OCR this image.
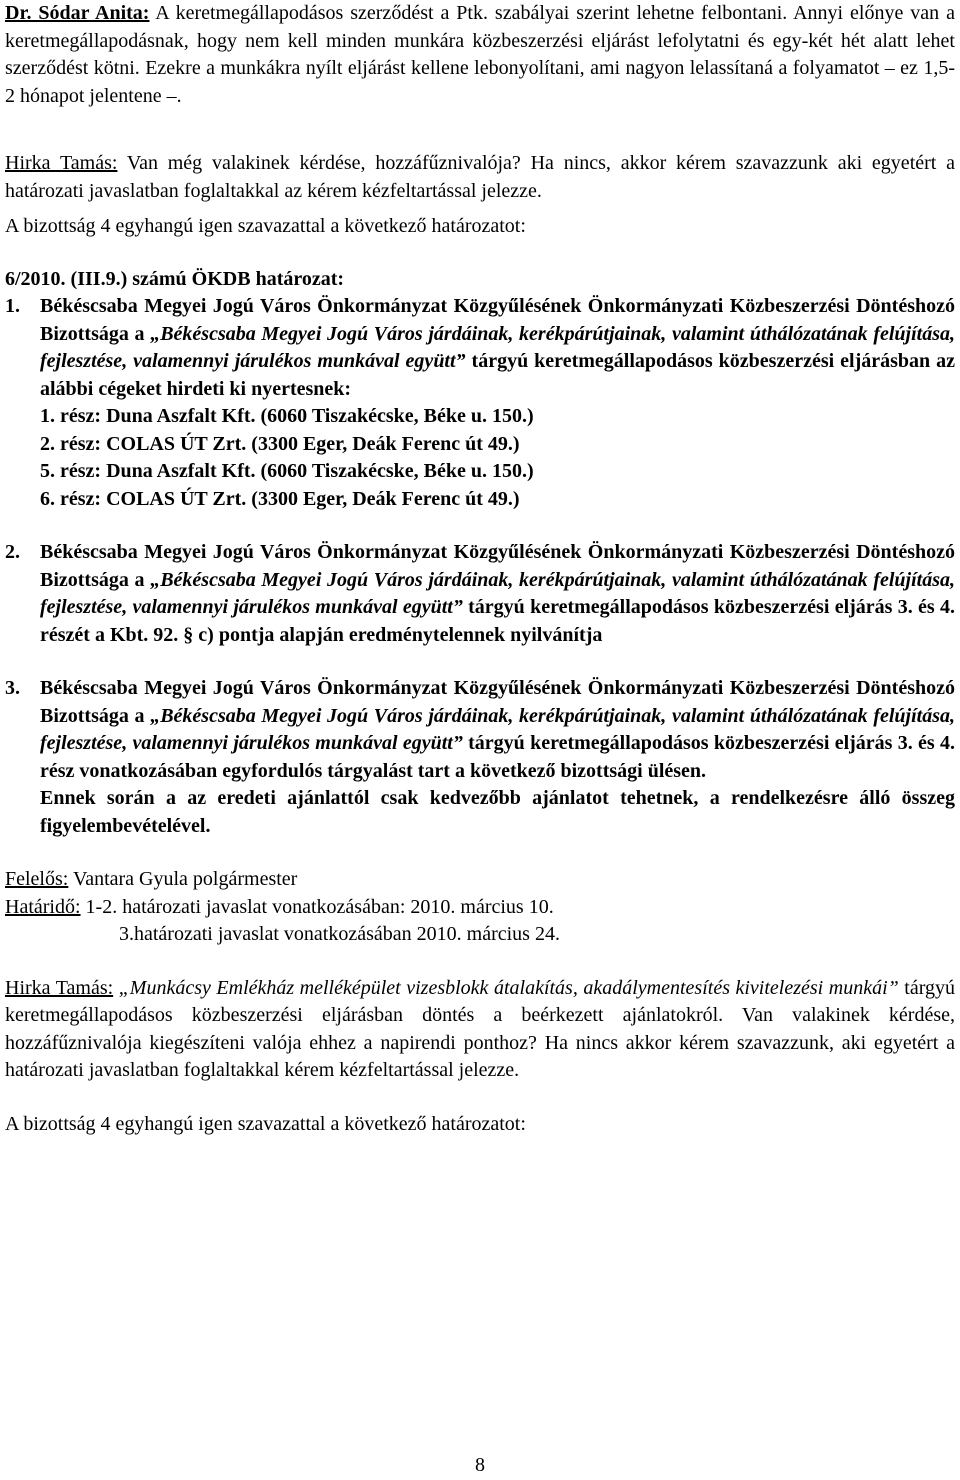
Dr. Sódar Anita: A keretmegállapodásos szerződést a Ptk. szabályai szerint lehetne felbontani. Annyi előnye van a keretmegállapodásnak, hogy nem kell minden munkára közbeszerzési eljárást lefolytatni és egy-két hét alatt lehet szerződést kötni. Ezekre a munkákra nyílt eljárást kellene lebonyolítani, ami nagyon lelassítaná a folyamatot – ez 1,5-2 hónapot jelentene –.

Hirka Tamás: Van még valakinek kérdése, hozzáfűznivalója? Ha nincs, akkor kérem szavazzunk aki egyetért a határozati javaslatban foglaltakkal az kérem kézfeltartással jelezze.

A bizottság 4 egyhangú igen szavazattal a következő határozatot:

6/2010. (III.9.) számú ÖKDB határozat:

1.	Békéscsaba Megyei Jogú Város Önkormányzat Közgyűlésének Önkormányzati Közbeszerzési Döntéshozó Bizottsága a „Békéscsaba Megyei Jogú Város járdáinak, kerékpárútjainak, valamint úthálózatának felújítása, fejlesztése, valamennyi járulékos munkával együtt” tárgyú keretmegállapodásos közbeszerzési eljárásban az alábbi cégeket hirdeti ki nyertesnek:

1. rész: Duna Aszfalt Kft. (6060 Tiszakécske, Béke u. 150.)

2. rész: COLAS ÚT Zrt. (3300 Eger, Deák Ferenc út 49.)

5. rész: Duna Aszfalt Kft. (6060 Tiszakécske, Béke u. 150.)

6. rész: COLAS ÚT Zrt. (3300 Eger, Deák Ferenc út 49.)

2.	Békéscsaba Megyei Jogú Város Önkormányzat Közgyűlésének Önkormányzati Közbeszerzési Döntéshozó Bizottsága a „Békéscsaba Megyei Jogú Város járdáinak, kerékpárútjainak, valamint úthálózatának felújítása, fejlesztése, valamennyi járulékos munkával együtt” tárgyú keretmegállapodásos közbeszerzési eljárás 3. és 4. részét a Kbt. 92. § c) pontja alapján eredménytelennek nyilvánítja

3.	Békéscsaba Megyei Jogú Város Önkormányzat Közgyűlésének Önkormányzati Közbeszerzési Döntéshozó Bizottsága a „Békéscsaba Megyei Jogú Város járdáinak, kerékpárútjainak, valamint úthálózatának felújítása, fejlesztése, valamennyi járulékos munkával együtt” tárgyú keretmegállapodásos közbeszerzési eljárás 3. és 4. rész vonatkozásában egyfordulós tárgyalást tart a következő bizottsági ülésen.

Ennek során a az eredeti ajánlattól csak kedvezőbb ajánlatot tehetnek, a rendelkezésre álló összeg figyelembevételével.

Felelős: Vantara Gyula polgármester

Határidő: 1-2. határozati javaslat vonatkozásában: 2010. március 10.

3.határozati javaslat vonatkozásában 2010. március 24.

Hirka Tamás: „Munkácsy Emlékház melléképület vizesblokk átalakítás, akadálymentesítés kivitelezési munkái” tárgyú keretmegállapodásos közbeszerzési eljárásban döntés a beérkezett ajánlatokról. Van valakinek kérdése, hozzáfűznivalója kiegészíteni valója ehhez a napirendi ponthoz? Ha nincs akkor kérem szavazzunk, aki egyetért a határozati javaslatban foglaltakkal kérem kézfeltartással jelezze.

A bizottság 4 egyhangú igen szavazattal a következő határozatot:

8
